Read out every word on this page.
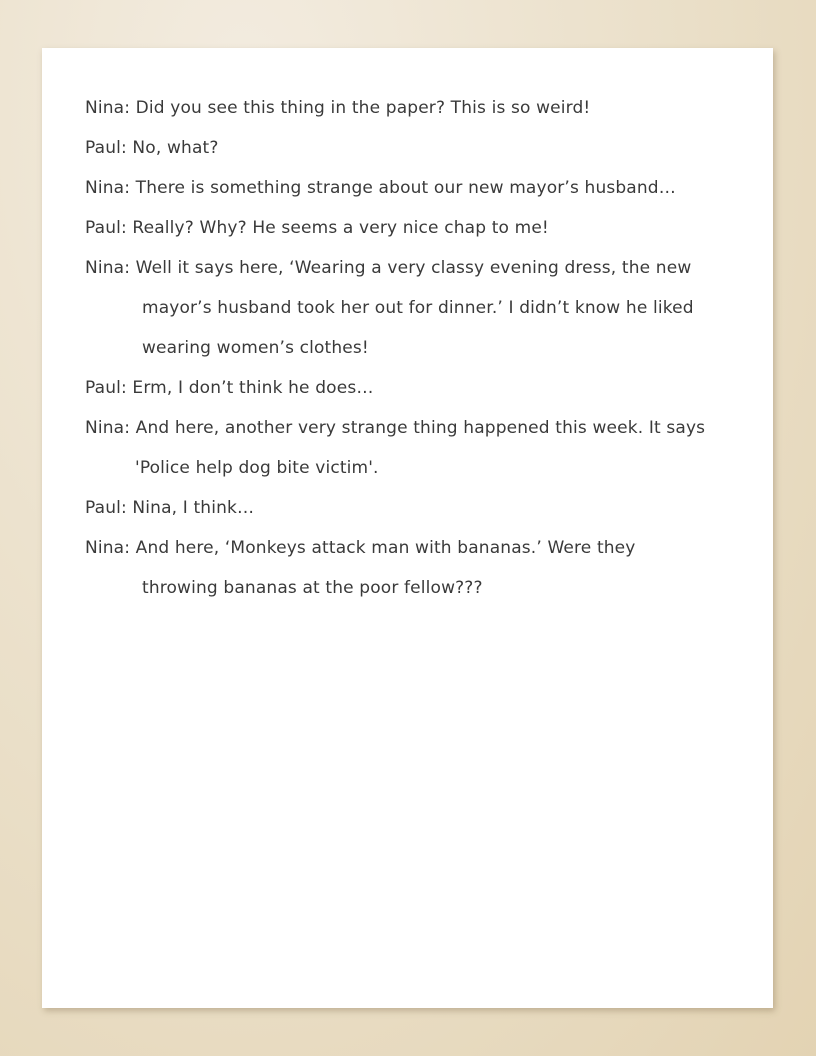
Nina: Did you see this thing in the paper? This is so weird!
Paul: No, what?
Nina: There is something strange about our new mayor’s husband…
Paul: Really? Why? He seems a very nice chap to me!
Nina: Well it says here, ‘Wearing a very classy evening dress, the new
mayor’s husband took her out for dinner.’ I didn’t know he liked
wearing women’s clothes!
Paul: Erm, I don’t think he does…
Nina: And here, another very strange thing happened this week. It says
'Police help dog bite victim'.
Paul: Nina, I think…
Nina: And here, ‘Monkeys attack man with bananas.’ Were they
throwing bananas at the poor fellow???
